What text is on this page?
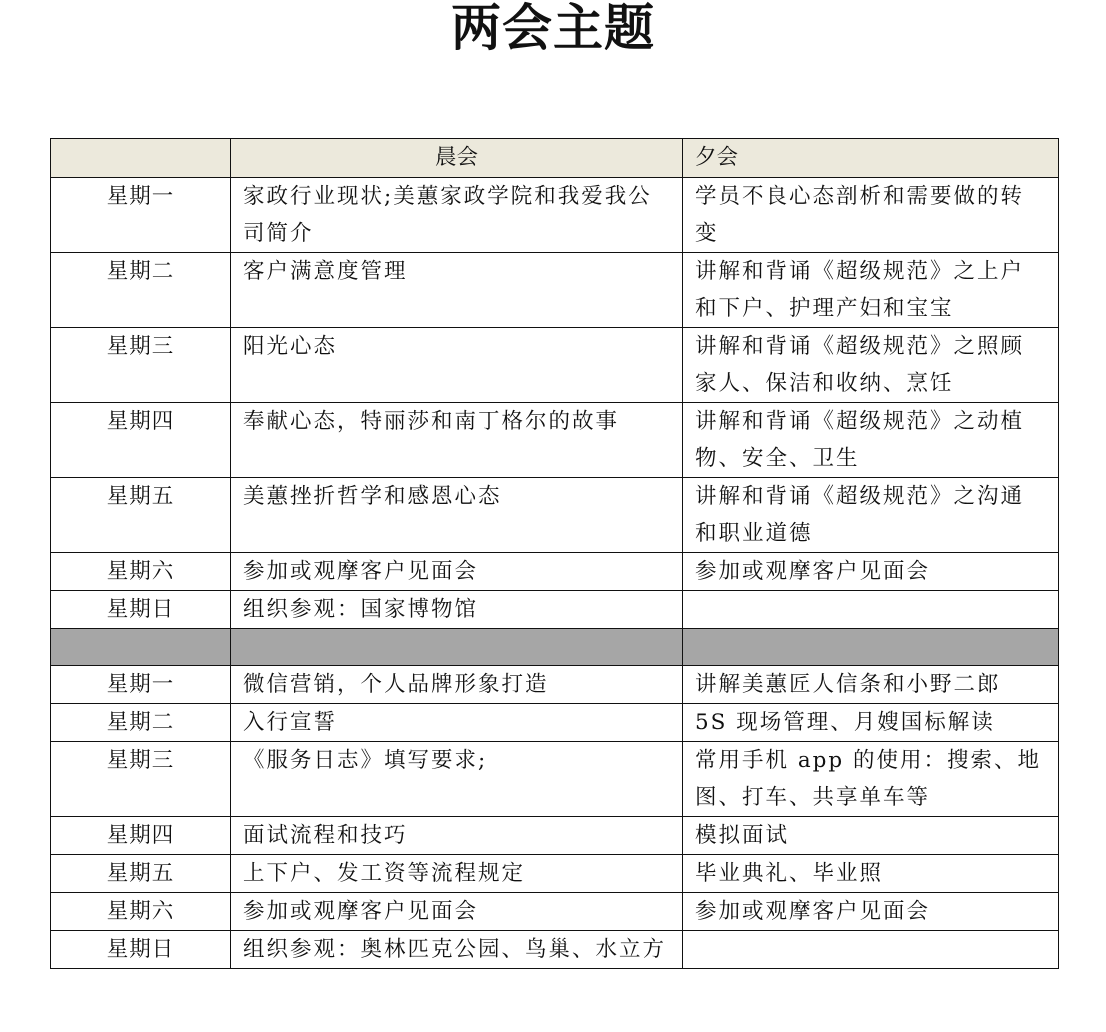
两会主题
	晨会	夕会
星期一	家政行业现状;美蕙家政学院和我爱我公司简介	学员不良心态剖析和需要做的转变
星期二	客户满意度管理	讲解和背诵《超级规范》之上户和下户、护理产妇和宝宝
星期三	阳光心态	讲解和背诵《超级规范》之照顾家人、保洁和收纳、烹饪
星期四	奉献心态，特丽莎和南丁格尔的故事	讲解和背诵《超级规范》之动植物、安全、卫生
星期五	美蕙挫折哲学和感恩心态	讲解和背诵《超级规范》之沟通和职业道德
星期六	参加或观摩客户见面会	参加或观摩客户见面会
星期日	组织参观：国家博物馆	

星期一	微信营销，个人品牌形象打造	讲解美蕙匠人信条和小野二郎
星期二	入行宣誓	5S 现场管理、月嫂国标解读
星期三	《服务日志》填写要求;	常用手机 app 的使用：搜索、地图、打车、共享单车等
星期四	面试流程和技巧	模拟面试
星期五	上下户、发工资等流程规定	毕业典礼、毕业照
星期六	参加或观摩客户见面会	参加或观摩客户见面会
星期日	组织参观：奥林匹克公园、鸟巢、水立方	
